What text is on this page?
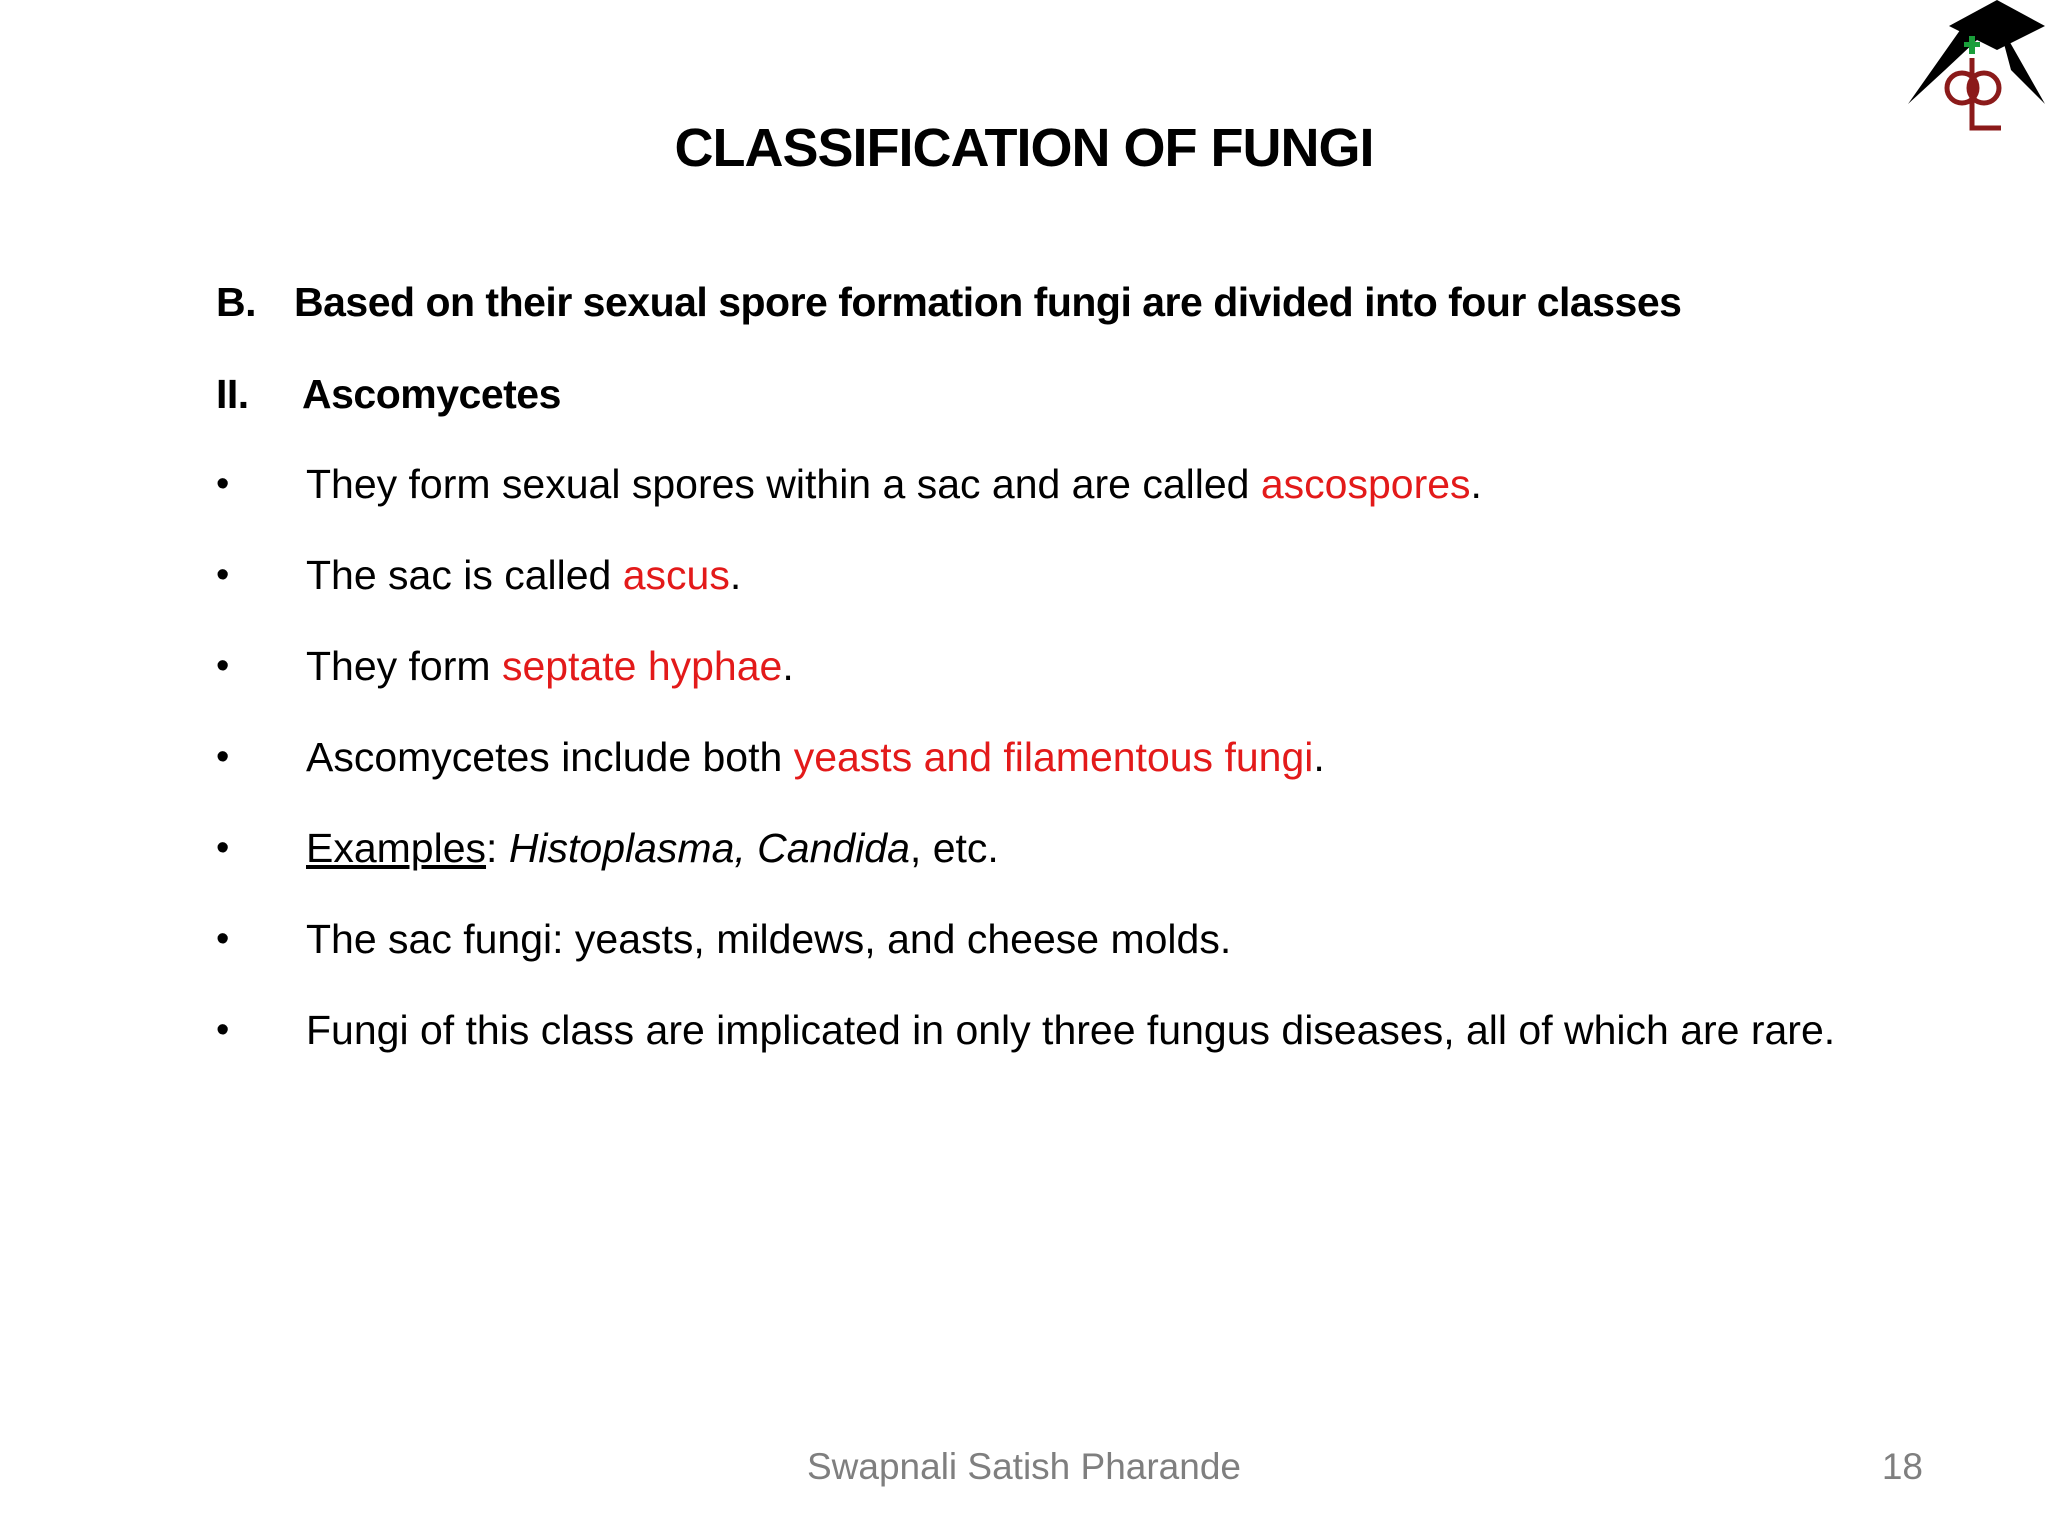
CLASSIFICATION OF FUNGI
B. Based on their sexual spore formation fungi are divided into four classes
II. Ascomycetes
• They form sexual spores within a sac and are called ascospores.
• The sac is called ascus.
• They form septate hyphae.
• Ascomycetes include both yeasts and filamentous fungi.
• Examples: Histoplasma, Candida, etc.
• The sac fungi: yeasts, mildews, and cheese molds.
• Fungi of this class are implicated in only three fungus diseases, all of which are rare.
Swapnali Satish Pharande	18
